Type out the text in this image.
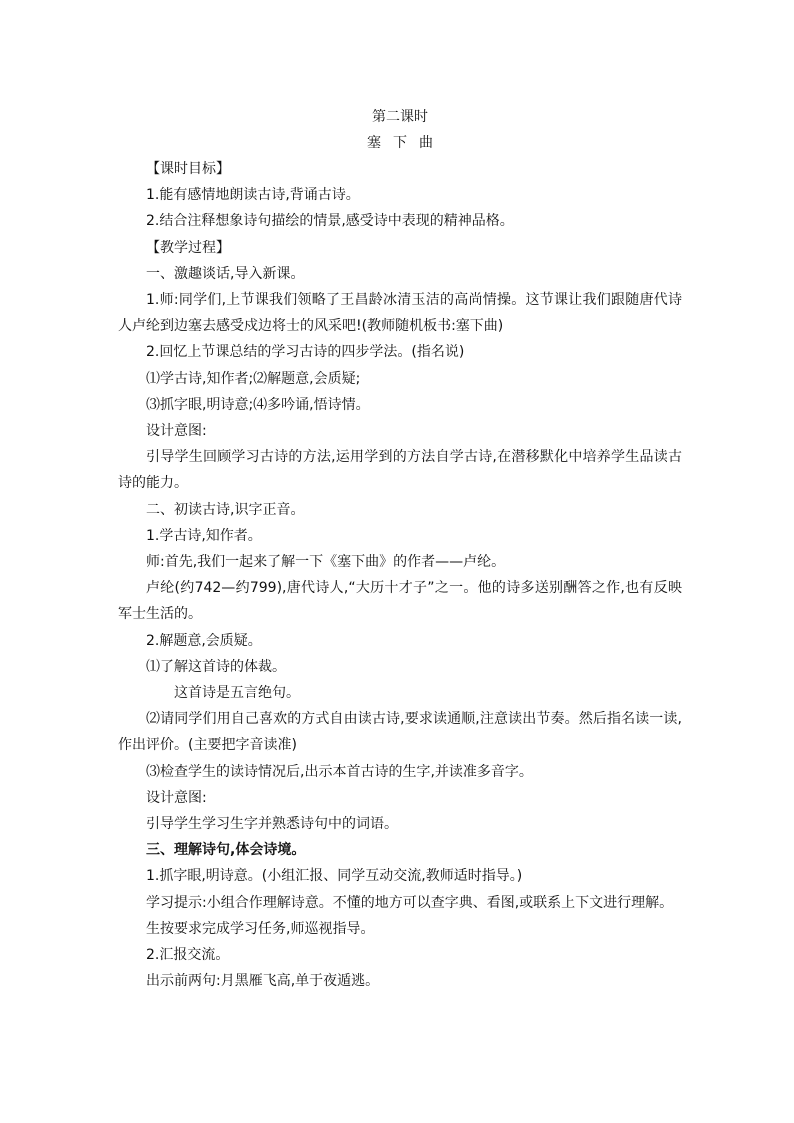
第二课时

塞下曲

【课时目标】

1.能有感情地朗读古诗,背诵古诗。

2.结合注释想象诗句描绘的情景,感受诗中表现的精神品格。

【教学过程】

一、激趣谈话,导入新课。

1.师:同学们,上节课我们领略了王昌龄冰清玉洁的高尚情操。这节课让我们跟随唐代诗人卢纶到边塞去感受戍边将士的风采吧!(教师随机板书:塞下曲)

2.回忆上节课总结的学习古诗的四步学法。(指名说)

⑴学古诗,知作者;⑵解题意,会质疑;

⑶抓字眼,明诗意;⑷多吟诵,悟诗情。

设计意图:

引导学生回顾学习古诗的方法,运用学到的方法自学古诗,在潜移默化中培养学生品读古诗的能力。

二、初读古诗,识字正音。

1.学古诗,知作者。

师:首先,我们一起来了解一下《塞下曲》的作者——卢纶。

卢纶(约742—约799),唐代诗人,“大历十才子”之一。他的诗多送别酬答之作,也有反映军士生活的。

2.解题意,会质疑。

⑴了解这首诗的体裁。

这首诗是五言绝句。

⑵请同学们用自己喜欢的方式自由读古诗,要求读通顺,注意读出节奏。然后指名读一读,作出评价。(主要把字音读准)

⑶检查学生的读诗情况后,出示本首古诗的生字,并读准多音字。

设计意图:

引导学生学习生字并熟悉诗句中的词语。

三、理解诗句,体会诗境。

1.抓字眼,明诗意。(小组汇报、同学互动交流,教师适时指导。)

学习提示:小组合作理解诗意。不懂的地方可以查字典、看图,或联系上下文进行理解。

生按要求完成学习任务,师巡视指导。

2.汇报交流。

出示前两句:月黑雁飞高,单于夜遁逃。
